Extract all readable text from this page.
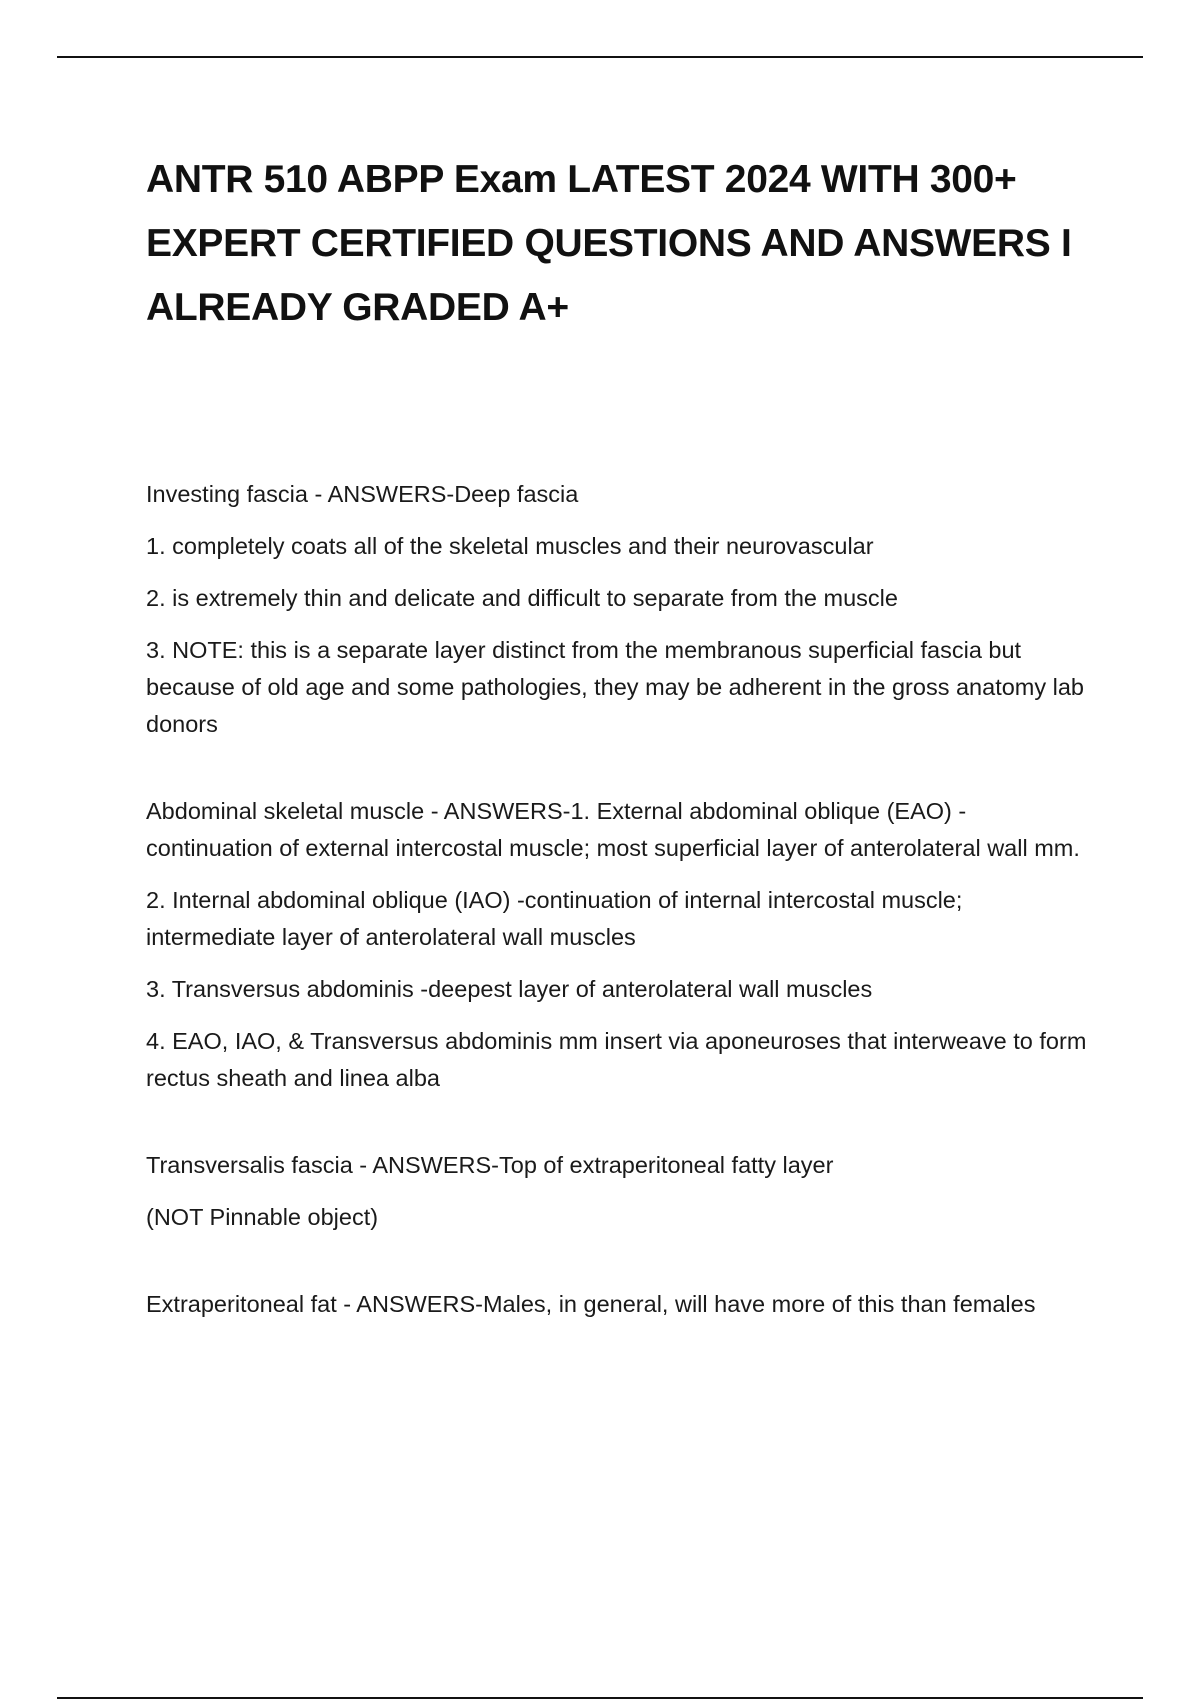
ANTR 510 ABPP Exam LATEST 2024 WITH 300+ EXPERT CERTIFIED QUESTIONS AND ANSWERS I ALREADY GRADED A+

Investing fascia - ANSWERS-Deep fascia

1. completely coats all of the skeletal muscles and their neurovascular

2. is extremely thin and delicate and difficult to separate from the muscle

3. NOTE: this is a separate layer distinct from the membranous superficial fascia but because of old age and some pathologies, they may be adherent in the gross anatomy lab donors

Abdominal skeletal muscle - ANSWERS-1. External abdominal oblique (EAO) - continuation of external intercostal muscle; most superficial layer of anterolateral wall mm.

2. Internal abdominal oblique (IAO) -continuation of internal intercostal muscle; intermediate layer of anterolateral wall muscles

3. Transversus abdominis -deepest layer of anterolateral wall muscles

4. EAO, IAO, & Transversus abdominis mm insert via aponeuroses that interweave to form rectus sheath and linea alba

Transversalis fascia - ANSWERS-Top of extraperitoneal fatty layer

(NOT Pinnable object)

Extraperitoneal fat - ANSWERS-Males, in general, will have more of this than females
